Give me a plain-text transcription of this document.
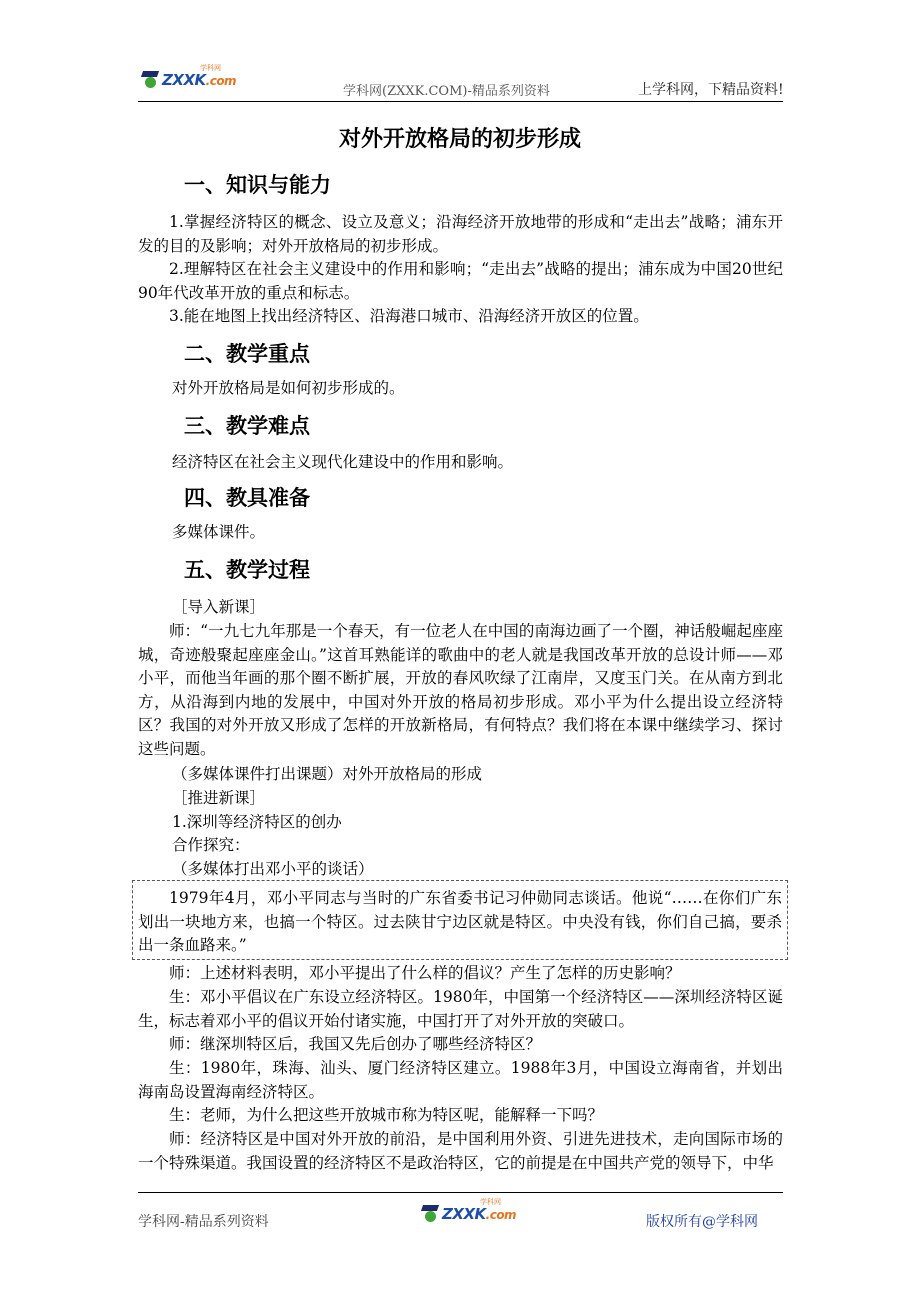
ZXXK.com
学科网
学科网(ZXXK.COM)-精品系列资料	上学科网，下精品资料!
对外开放格局的初步形成
一、知识与能力

1.掌握经济特区的概念、设立及意义；沿海经济开放地带的形成和“走出去”战略；浦东开发的目的及影响；对外开放格局的初步形成。

2.理解特区在社会主义建设中的作用和影响；“走出去”战略的提出；浦东成为中国20世纪90年代改革开放的重点和标志。

3.能在地图上找出经济特区、沿海港口城市、沿海经济开放区的位置。

二、教学重点

对外开放格局是如何初步形成的。

三、教学难点

经济特区在社会主义现代化建设中的作用和影响。

四、教具准备

多媒体课件。

五、教学过程

［导入新课］

师：“一九七九年那是一个春天，有一位老人在中国的南海边画了一个圈，神话般崛起座座城，奇迹般聚起座座金山。”这首耳熟能详的歌曲中的老人就是我国改革开放的总设计师——邓小平，而他当年画的那个圈不断扩展，开放的春风吹绿了江南岸，又度玉门关。在从南方到北方，从沿海到内地的发展中，中国对外开放的格局初步形成。邓小平为什么提出设立经济特区？我国的对外开放又形成了怎样的开放新格局，有何特点？我们将在本课中继续学习、探讨这些问题。

（多媒体课件打出课题）对外开放格局的形成

［推进新课］

1.深圳等经济特区的创办

合作探究：

（多媒体打出邓小平的谈话）

1979年4月，邓小平同志与当时的广东省委书记习仲勋同志谈话。他说“……在你们广东划出一块地方来，也搞一个特区。过去陕甘宁边区就是特区。中央没有钱，你们自己搞，要杀出一条血路来。”

师：上述材料表明，邓小平提出了什么样的倡议？产生了怎样的历史影响？

生：邓小平倡议在广东设立经济特区。1980年，中国第一个经济特区——深圳经济特区诞生，标志着邓小平的倡议开始付诸实施，中国打开了对外开放的突破口。

师：继深圳特区后，我国又先后创办了哪些经济特区？

生：1980年，珠海、汕头、厦门经济特区建立。1988年3月，中国设立海南省，并划出海南岛设置海南经济特区。

生：老师，为什么把这些开放城市称为特区呢，能解释一下吗？

师：经济特区是中国对外开放的前沿，是中国利用外资、引进先进技术，走向国际市场的一个特殊渠道。我国设置的经济特区不是政治特区，它的前提是在中国共产党的领导下，中华

学科网-精品系列资料	ZXXK.com
学科网
版权所有@学科网
